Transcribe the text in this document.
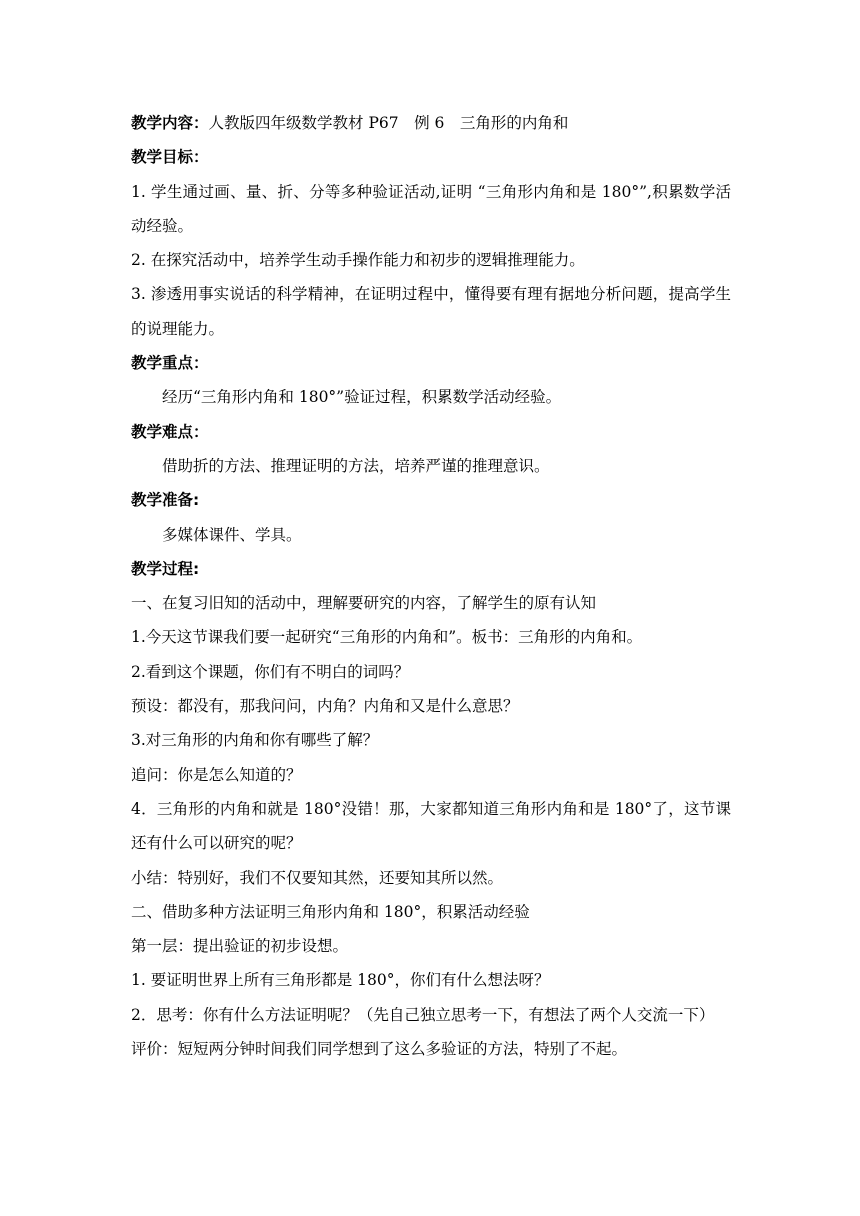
教学内容：人教版四年级数学教材 P67　例 6　三角形的内角和
教学目标：
1. 学生通过画、量、折、分等多种验证活动,证明 “三角形内角和是 180°”,积累数学活动经验。
2. 在探究活动中，培养学生动手操作能力和初步的逻辑推理能力。
3. 渗透用事实说话的科学精神，在证明过程中，懂得要有理有据地分析问题，提高学生的说理能力。
教学重点：
经历“三角形内角和 180°”验证过程，积累数学活动经验。
教学难点：
借助折的方法、推理证明的方法，培养严谨的推理意识。
教学准备:
多媒体课件、学具。
教学过程:
一、在复习旧知的活动中，理解要研究的内容，了解学生的原有认知
1.今天这节课我们要一起研究“三角形的内角和”。板书：三角形的内角和。
2.看到这个课题，你们有不明白的词吗？
预设：都没有，那我问问，内角？内角和又是什么意思？
3.对三角形的内角和你有哪些了解？
追问：你是怎么知道的？
4．三角形的内角和就是 180°没错！那，大家都知道三角形内角和是 180°了，这节课还有什么可以研究的呢？
小结：特别好，我们不仅要知其然，还要知其所以然。
二、借助多种方法证明三角形内角和 180°，积累活动经验
第一层：提出验证的初步设想。
1. 要证明世界上所有三角形都是 180°，你们有什么想法呀？
2．思考：你有什么方法证明呢？（先自己独立思考一下，有想法了两个人交流一下）
评价：短短两分钟时间我们同学想到了这么多验证的方法，特别了不起。
